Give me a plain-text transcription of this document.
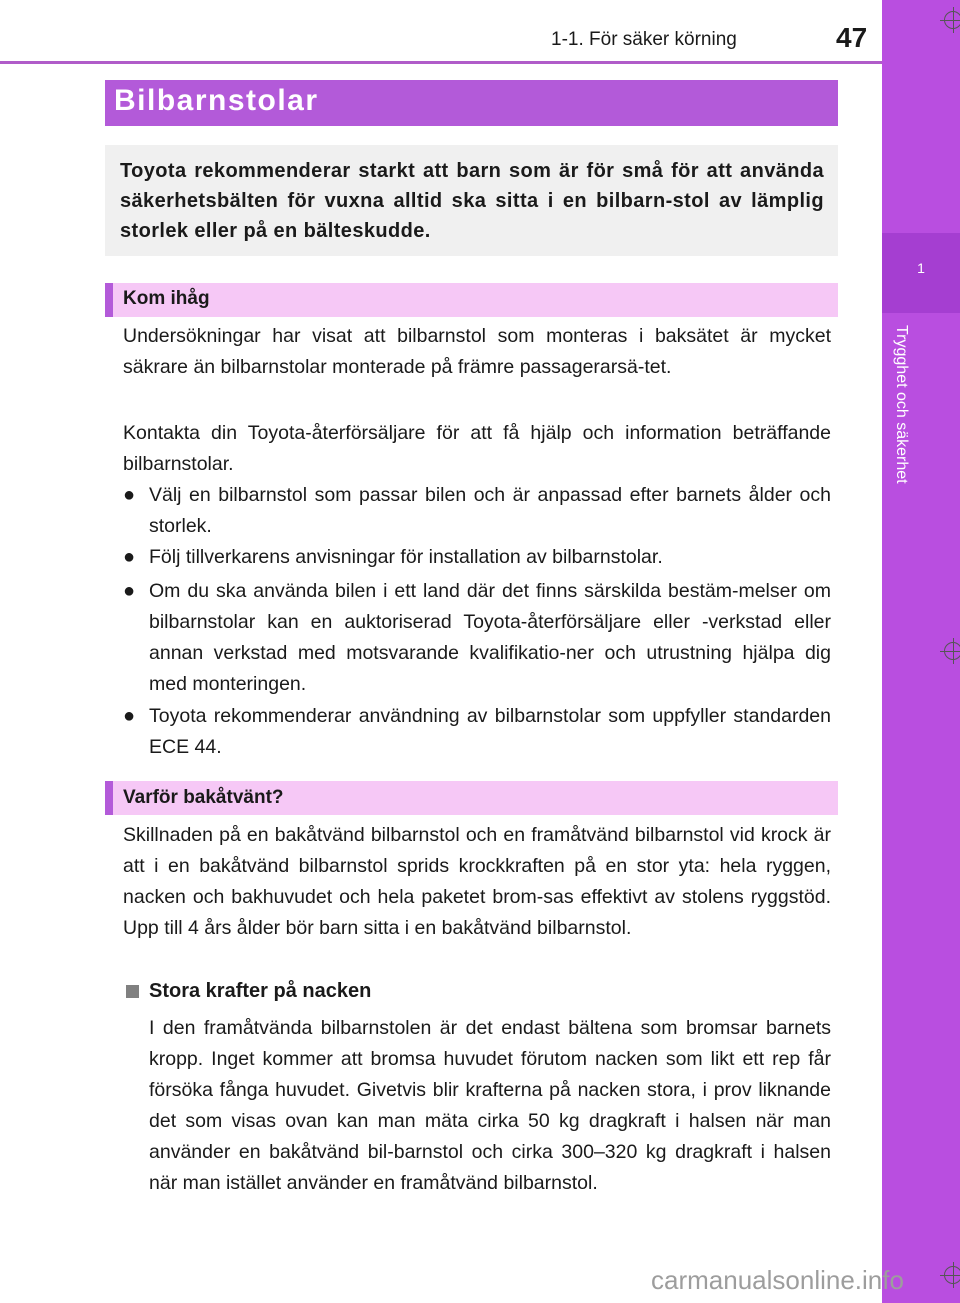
1-1. För säker körning	47
1
Trygghet och säkerhet
Bilbarnstolar
Toyota rekommenderar starkt att barn som är för små för att använda säkerhetsbälten för vuxna alltid ska sitta i en bilbarn-stol av lämplig storlek eller på en bälteskudde.
Kom ihåg
Undersökningar har visat att bilbarnstol som monteras i baksätet är mycket säkrare än bilbarnstolar monterade på främre passagerarsä-tet.
Kontakta din Toyota-återförsäljare för att få hjälp och information beträffande bilbarnstolar.
● Välj en bilbarnstol som passar bilen och är anpassad efter barnets ålder och storlek.
● Följ tillverkarens anvisningar för installation av bilbarnstolar.
● Om du ska använda bilen i ett land där det finns särskilda bestäm-melser om bilbarnstolar kan en auktoriserad Toyota-återförsäljare eller -verkstad eller annan verkstad med motsvarande kvalifikatio-ner och utrustning hjälpa dig med monteringen.
● Toyota rekommenderar användning av bilbarnstolar som uppfyller standarden ECE 44.
Varför bakåtvänt?
Skillnaden på en bakåtvänd bilbarnstol och en framåtvänd bilbarnstol vid krock är att i en bakåtvänd bilbarnstol sprids krockkraften på en stor yta: hela ryggen, nacken och bakhuvudet och hela paketet brom-sas effektivt av stolens ryggstöd. Upp till 4 års ålder bör barn sitta i en bakåtvänd bilbarnstol.
Stora krafter på nacken
I den framåtvända bilbarnstolen är det endast bältena som bromsar barnets kropp. Inget kommer att bromsa huvudet förutom nacken som likt ett rep får försöka fånga huvudet. Givetvis blir krafterna på nacken stora, i prov liknande det som visas ovan kan man mäta cirka 50 kg dragkraft i halsen när man använder en bakåtvänd bil-barnstol och cirka 300–320 kg dragkraft i halsen när man istället använder en framåtvänd bilbarnstol.
carmanualsonline.info
